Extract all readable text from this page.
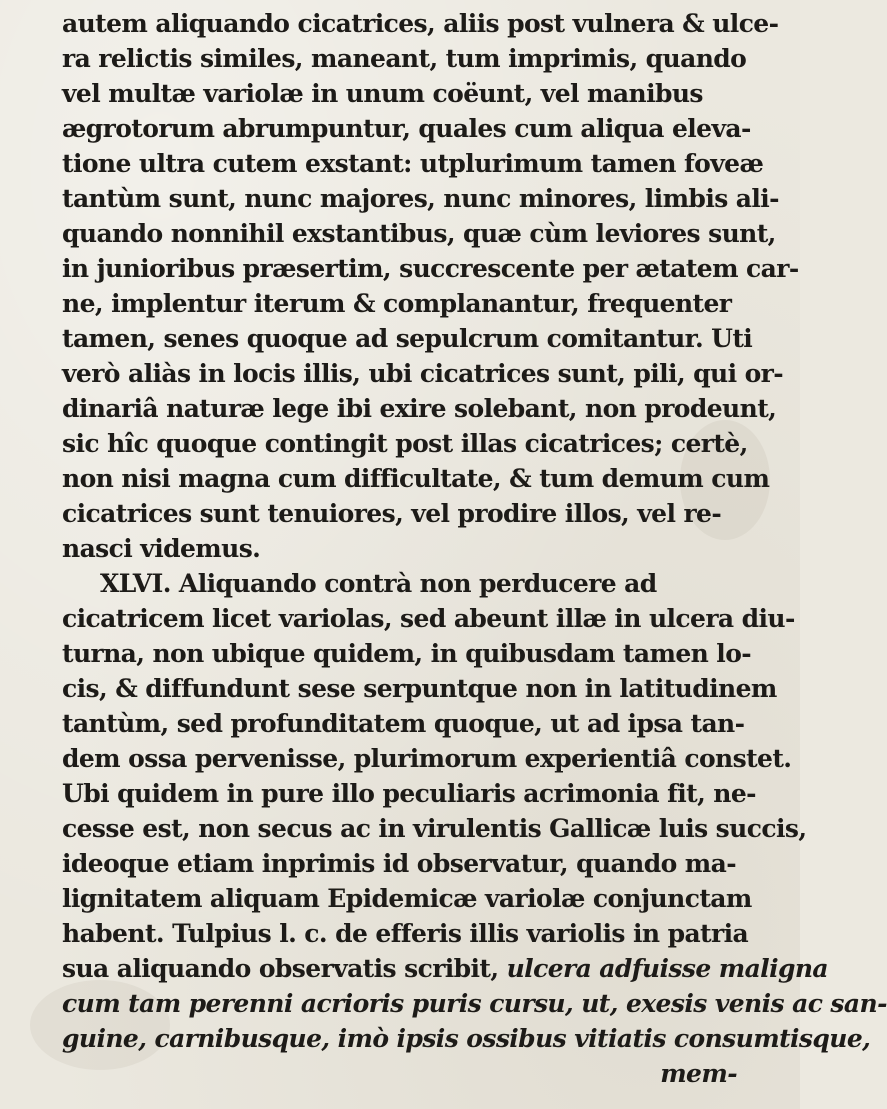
autem aliquando cicatrices, aliis post vulnera & ulce-
ra relictis similes, maneant, tum imprimis, quando
vel multæ variolæ in unum coëunt, vel manibus
ægrotorum abrumpuntur, quales cum aliqua eleva-
tione ultra cutem exstant: utplurimum tamen foveæ
tantùm sunt, nunc majores, nunc minores, limbis ali-
quando nonnihil exstantibus, quæ cùm leviores sunt,
in junioribus præsertim, succrescente per ætatem car-
ne, implentur iterum & complanantur, frequenter
tamen, senes quoque ad sepulcrum comitantur. Uti
verò aliàs in locis illis, ubi cicatrices sunt, pili, qui or-
dinariâ naturæ lege ibi exire solebant, non prodeunt,
sic hîc quoque contingit post illas cicatrices; certè,
non nisi magna cum difficultate, & tum demum cum
cicatrices sunt tenuiores, vel prodire illos, vel re-
nasci videmus.
XLVI. Aliquando contrà non perducere ad
cicatricem licet variolas, sed abeunt illæ in ulcera diu-
turna, non ubique quidem, in quibusdam tamen lo-
cis, & diffundunt sese serpuntque non in latitudinem
tantùm, sed profunditatem quoque, ut ad ipsa tan-
dem ossa pervenisse, plurimorum experientiâ constet.
Ubi quidem in pure illo peculiaris acrimonia fit, ne-
cesse est, non secus ac in virulentis Gallicæ luis succis,
ideoque etiam inprimis id observatur, quando ma-
lignitatem aliquam Epidemicæ variolæ conjunctam
habent. Tulpius l. c. de efferis illis variolis in patria
sua aliquando observatis scribit, ulcera adfuisse maligna
cum tam perenni acrioris puris cursu, ut, exesis venis ac san-
guine, carnibusque, imò ipsis ossibus vitiatis consumtisque,
mem-
